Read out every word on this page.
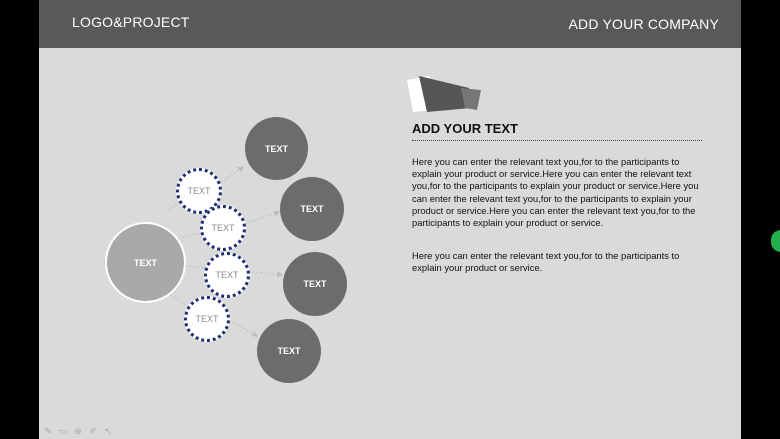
LOGO&PROJECT	ADD YOUR COMPANY
TEXT
TEXT
TEXT
TEXT
TEXT
TEXT
TEXT
TEXT
TEXT
ADD YOUR TEXT

Here you can enter the relevant text you,for to the participants to explain your product or service.Here you can enter the relevant text you,for to the participants to explain your product or service.Here you can enter the relevant text you,for to the participants to explain your product or service.Here you can enter the relevant text you,for to the participants to explain your product or service.

Here you can enter the relevant text you,for to the participants to explain your product or service.

✎ ▭ ⊕ ✐ ↖
